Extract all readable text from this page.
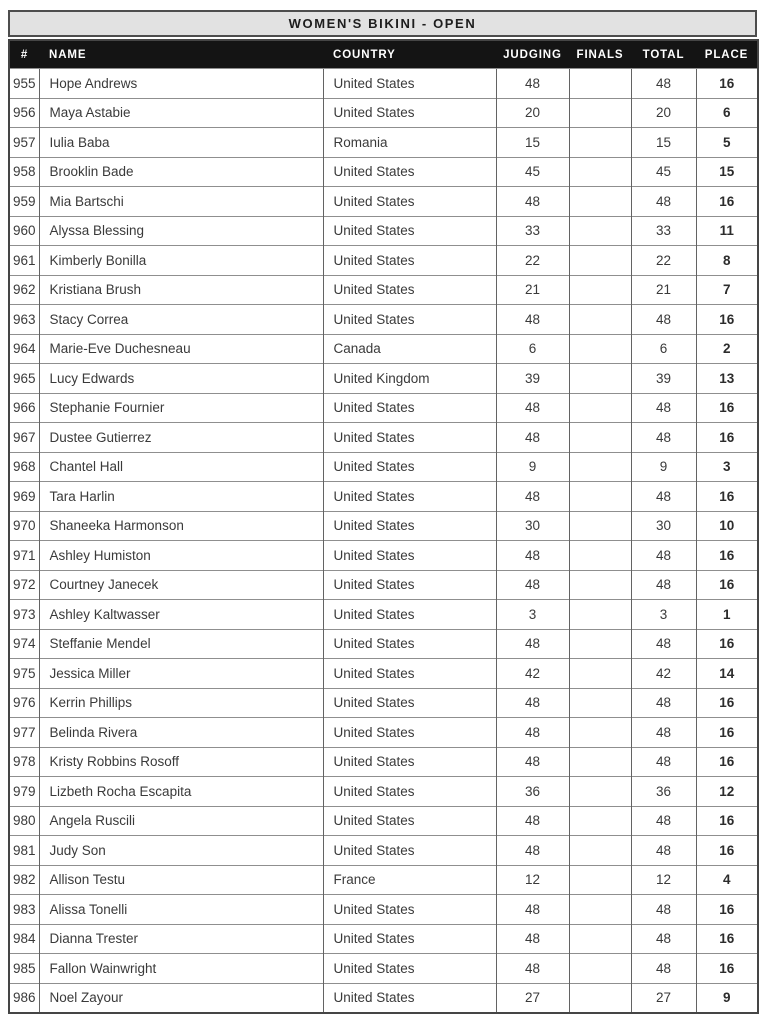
WOMEN'S BIKINI - OPEN
#	NAME	COUNTRY	JUDGING	FINALS	TOTAL	PLACE
955	Hope Andrews	United States	48		48	16
956	Maya Astabie	United States	20		20	6
957	Iulia Baba	Romania	15		15	5
958	Brooklin Bade	United States	45		45	15
959	Mia Bartschi	United States	48		48	16
960	Alyssa Blessing	United States	33		33	11
961	Kimberly Bonilla	United States	22		22	8
962	Kristiana Brush	United States	21		21	7
963	Stacy Correa	United States	48		48	16
964	Marie-Eve Duchesneau	Canada	6		6	2
965	Lucy Edwards	United Kingdom	39		39	13
966	Stephanie Fournier	United States	48		48	16
967	Dustee Gutierrez	United States	48		48	16
968	Chantel Hall	United States	9		9	3
969	Tara Harlin	United States	48		48	16
970	Shaneeka Harmonson	United States	30		30	10
971	Ashley Humiston	United States	48		48	16
972	Courtney Janecek	United States	48		48	16
973	Ashley Kaltwasser	United States	3		3	1
974	Steffanie Mendel	United States	48		48	16
975	Jessica Miller	United States	42		42	14
976	Kerrin Phillips	United States	48		48	16
977	Belinda Rivera	United States	48		48	16
978	Kristy Robbins Rosoff	United States	48		48	16
979	Lizbeth Rocha Escapita	United States	36		36	12
980	Angela Ruscili	United States	48		48	16
981	Judy Son	United States	48		48	16
982	Allison Testu	France	12		12	4
983	Alissa Tonelli	United States	48		48	16
984	Dianna Trester	United States	48		48	16
985	Fallon Wainwright	United States	48		48	16
986	Noel Zayour	United States	27		27	9
